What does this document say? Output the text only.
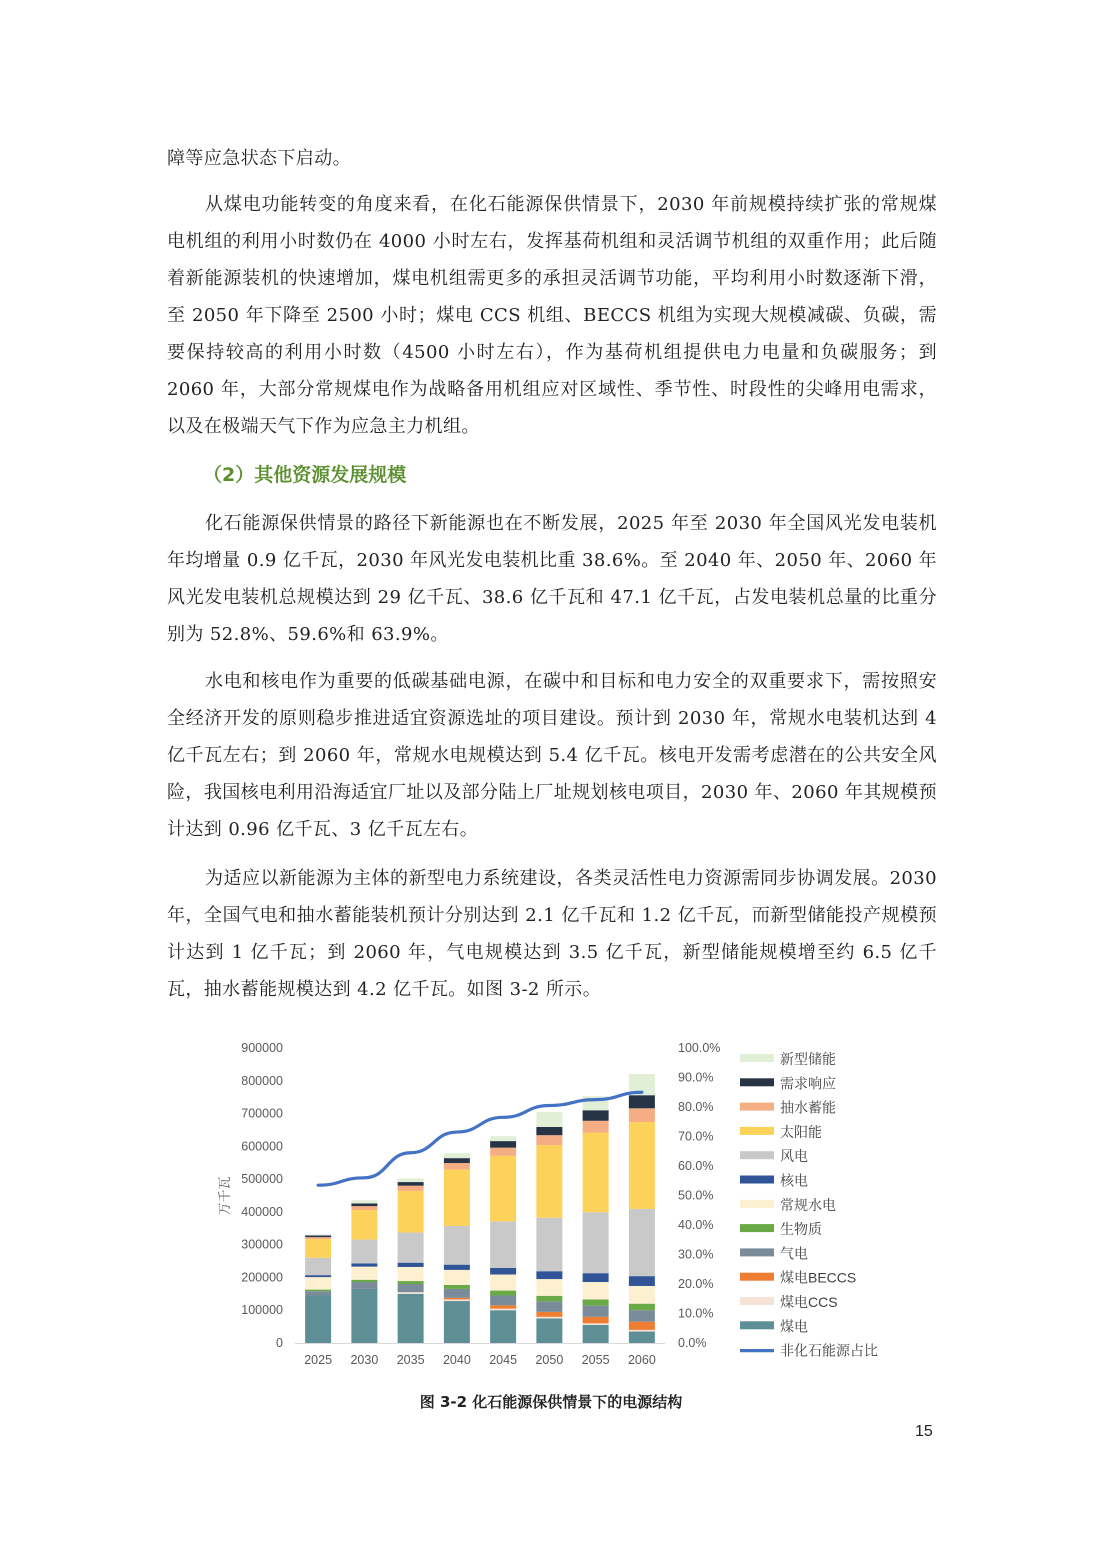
障等应急状态下启动。

从煤电功能转变的角度来看，在化石能源保供情景下，2030 年前规模持续扩张的常规煤电机组的利用小时数仍在 4000 小时左右，发挥基荷机组和灵活调节机组的双重作用；此后随着新能源装机的快速增加，煤电机组需更多的承担灵活调节功能，平均利用小时数逐渐下滑，至 2050 年下降至 2500 小时；煤电 CCS 机组、BECCS 机组为实现大规模减碳、负碳，需要保持较高的利用小时数（4500 小时左右），作为基荷机组提供电力电量和负碳服务；到 2060 年，大部分常规煤电作为战略备用机组应对区域性、季节性、时段性的尖峰用电需求，以及在极端天气下作为应急主力机组。

（2）其他资源发展规模

化石能源保供情景的路径下新能源也在不断发展，2025 年至 2030 年全国风光发电装机年均增量 0.9 亿千瓦，2030 年风光发电装机比重 38.6%。至 2040 年、2050 年、2060 年风光发电装机总规模达到 29 亿千瓦、38.6 亿千瓦和 47.1 亿千瓦，占发电装机总量的比重分别为 52.8%、59.6%和 63.9%。

水电和核电作为重要的低碳基础电源，在碳中和目标和电力安全的双重要求下，需按照安全经济开发的原则稳步推进适宜资源选址的项目建设。预计到 2030 年，常规水电装机达到 4 亿千瓦左右；到 2060 年，常规水电规模达到 5.4 亿千瓦。核电开发需考虑潜在的公共安全风险，我国核电利用沿海适宜厂址以及部分陆上厂址规划核电项目，2030 年、2060 年其规模预计达到 0.96 亿千瓦、3 亿千瓦左右。

为适应以新能源为主体的新型电力系统建设，各类灵活性电力资源需同步协调发展。2030 年，全国气电和抽水蓄能装机预计分别达到 2.1 亿千瓦和 1.2 亿千瓦，而新型储能投产规模预计达到 1 亿千瓦；到 2060 年，气电规模达到 3.5 亿千瓦，新型储能规模增至约 6.5 亿千瓦，抽水蓄能规模达到 4.2 亿千瓦。如图 3-2 所示。

900000
800000
700000
600000
500000
400000
300000
200000
100000
0
100.0%
90.0%
80.0%
70.0%
60.0%
50.0%
40.0%
30.0%
20.0%
10.0%
0.0%
万千瓦
2025 2030 2035 2040 2045 2050 2055 2060
新型储能
需求响应
抽水蓄能
太阳能
风电
核电
常规水电
生物质
气电
煤电BECCS
煤电CCS
煤电
非化石能源占比
图 3-2 化石能源保供情景下的电源结构
15
